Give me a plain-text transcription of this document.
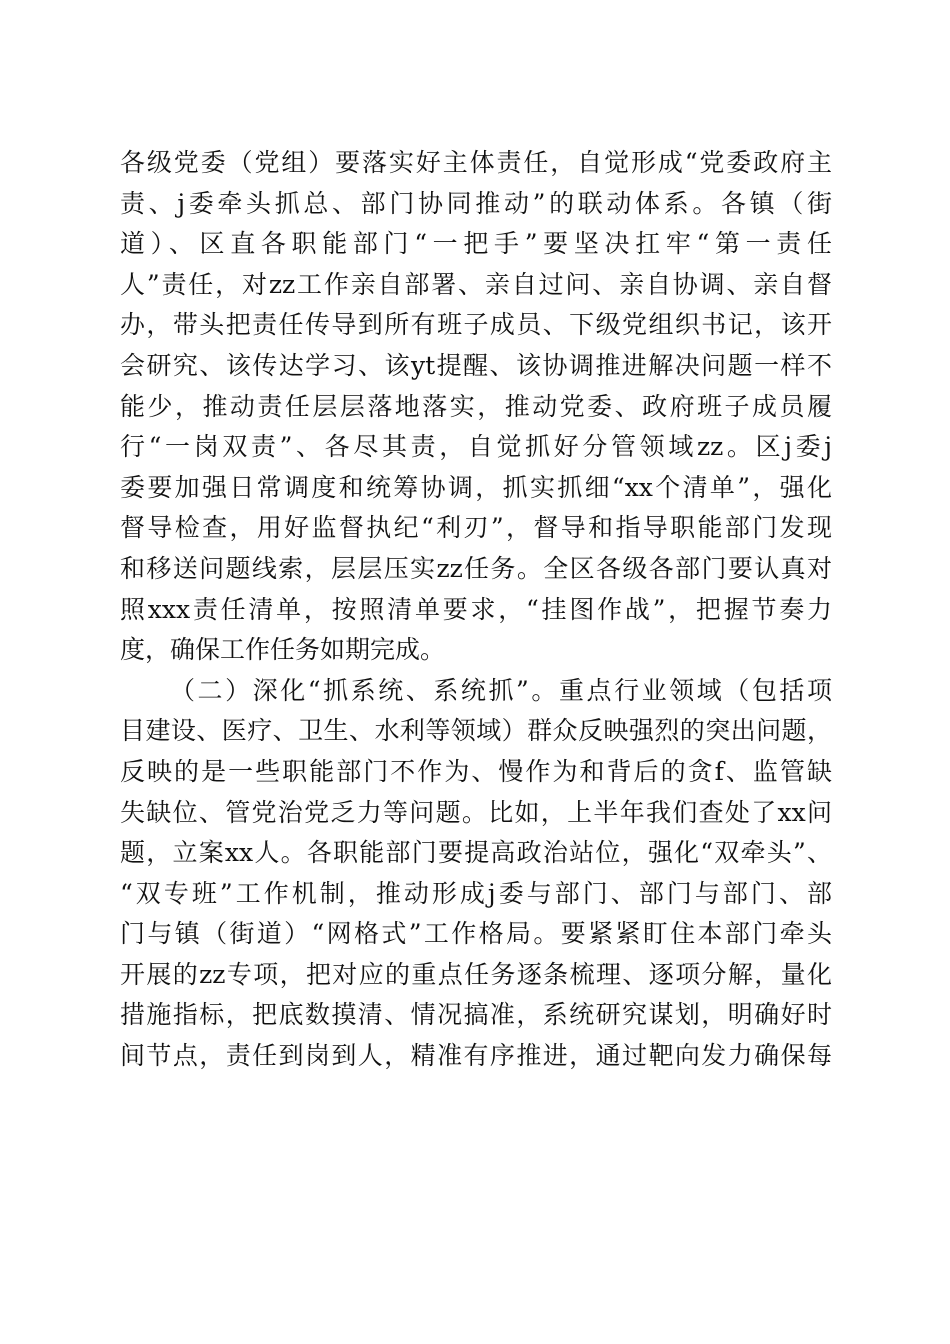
各级党委（党组）要落实好主体责任，自觉形成“党委政府主
责、j委牵头抓总、部门协同推动”的联动体系。各镇（街
道）、区直各职能部门“一把手”要坚决扛牢“第一责任
人”责任，对zz工作亲自部署、亲自过问、亲自协调、亲自督
办，带头把责任传导到所有班子成员、下级党组织书记，该开
会研究、该传达学习、该yt提醒、该协调推进解决问题一样不
能少，推动责任层层落地落实，推动党委、政府班子成员履
行“一岗双责”、各尽其责，自觉抓好分管领域zz。区j委j
委要加强日常调度和统筹协调，抓实抓细“xx个清单”，强化
督导检查，用好监督执纪“利刃”，督导和指导职能部门发现
和移送问题线索，层层压实zz任务。全区各级各部门要认真对
照xxx责任清单，按照清单要求，“挂图作战”，把握节奏力
度，确保工作任务如期完成。
（二）深化“抓系统、系统抓”。重点行业领域（包括项
目建设、医疗、卫生、水利等领域）群众反映强烈的突出问题，
反映的是一些职能部门不作为、慢作为和背后的贪f、监管缺
失缺位、管党治党乏力等问题。比如，上半年我们查处了xx问
题，立案xx人。各职能部门要提高政治站位，强化“双牵头”、
“双专班”工作机制，推动形成j委与部门、部门与部门、部
门与镇（街道）“网格式”工作格局。要紧紧盯住本部门牵头
开展的zz专项，把对应的重点任务逐条梳理、逐项分解，量化
措施指标，把底数摸清、情况搞准，系统研究谋划，明确好时
间节点，责任到岗到人，精准有序推进，通过靶向发力确保每
